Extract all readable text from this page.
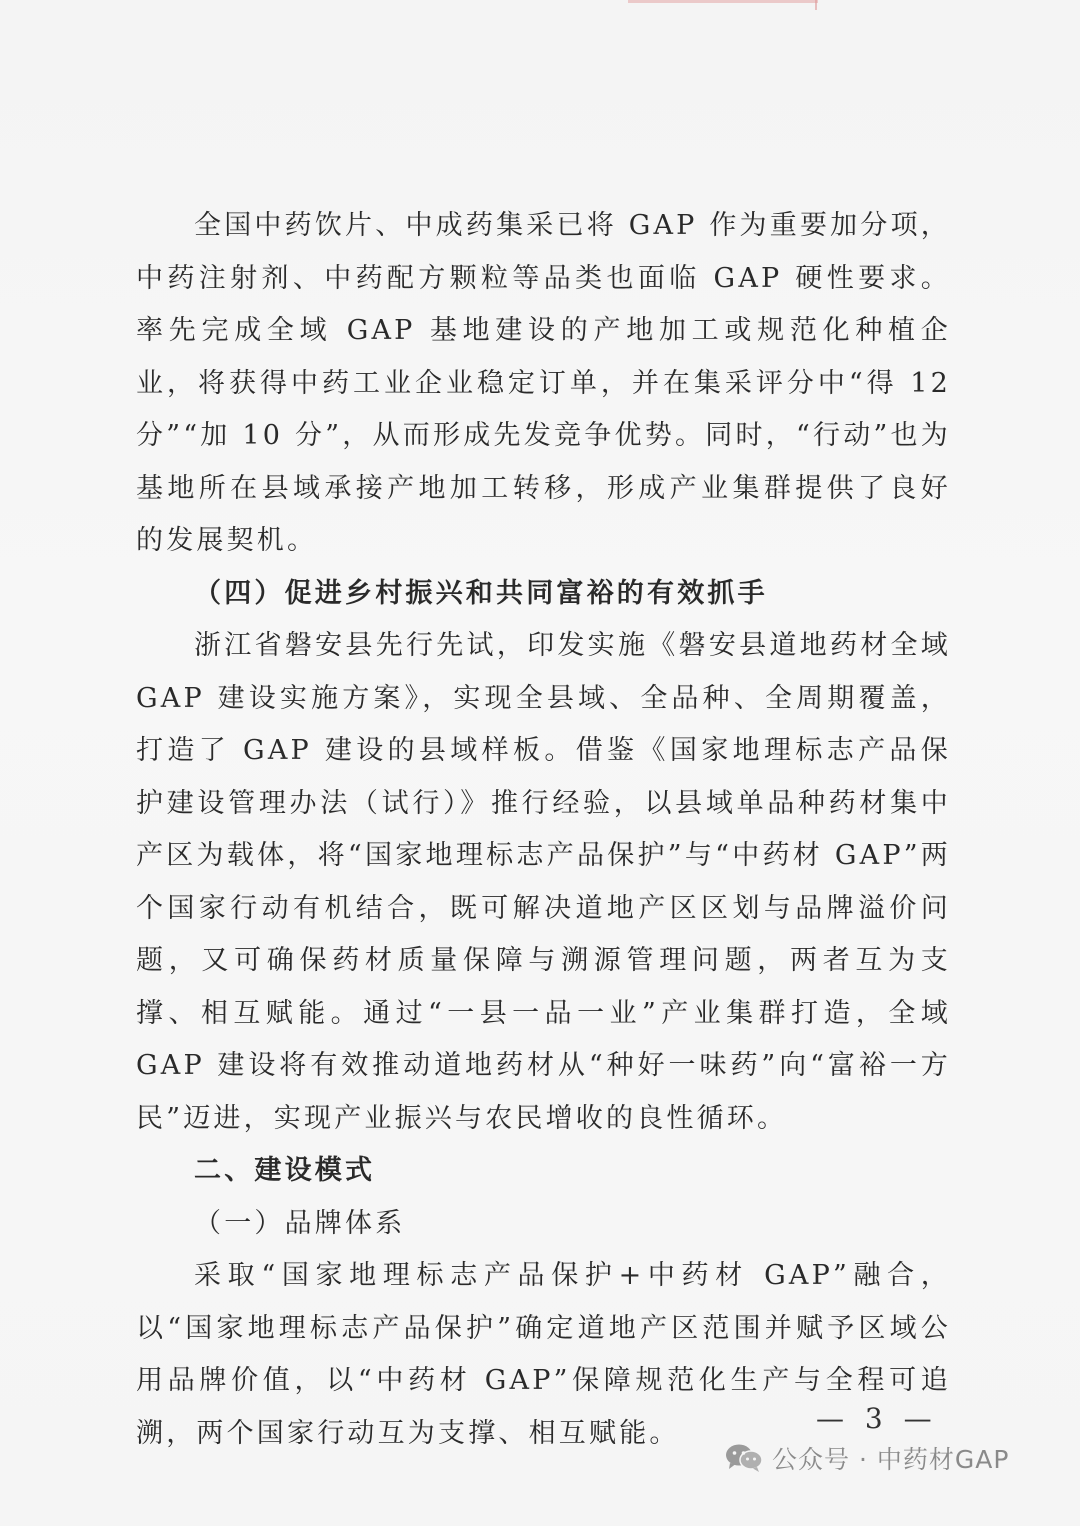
全国中药饮片、中成药集采已将 GAP 作为重要加分项，中药注射剂、中药配方颗粒等品类也面临 GAP 硬性要求。率先完成全域 GAP 基地建设的产地加工或规范化种植企业，将获得中药工业企业稳定订单，并在集采评分中“得 12 分”“加 10 分”，从而形成先发竞争优势。同时，“行动”也为基地所在县域承接产地加工转移，形成产业集群提供了良好的发展契机。

（四）促进乡村振兴和共同富裕的有效抓手

浙江省磐安县先行先试，印发实施《磐安县道地药材全域 GAP 建设实施方案》，实现全县域、全品种、全周期覆盖，打造了 GAP 建设的县域样板。借鉴《国家地理标志产品保护建设管理办法（试行）》推行经验，以县域单品种药材集中产区为载体，将“国家地理标志产品保护”与“中药材 GAP”两个国家行动有机结合，既可解决道地产区区划与品牌溢价问题，又可确保药材质量保障与溯源管理问题，两者互为支撑、相互赋能。通过“一县一品一业”产业集群打造，全域 GAP 建设将有效推动道地药材从“种好一味药”向“富裕一方民”迈进，实现产业振兴与农民增收的良性循环。

二、建设模式

（一）品牌体系

采取“国家地理标志产品保护+中药材 GAP”融合，以“国家地理标志产品保护”确定道地产区范围并赋予区域公用品牌价值，以“中药材 GAP”保障规范化生产与全程可追溯，两个国家行动互为支撑、相互赋能。	— 3 —
公众号 · 中药材GAP
